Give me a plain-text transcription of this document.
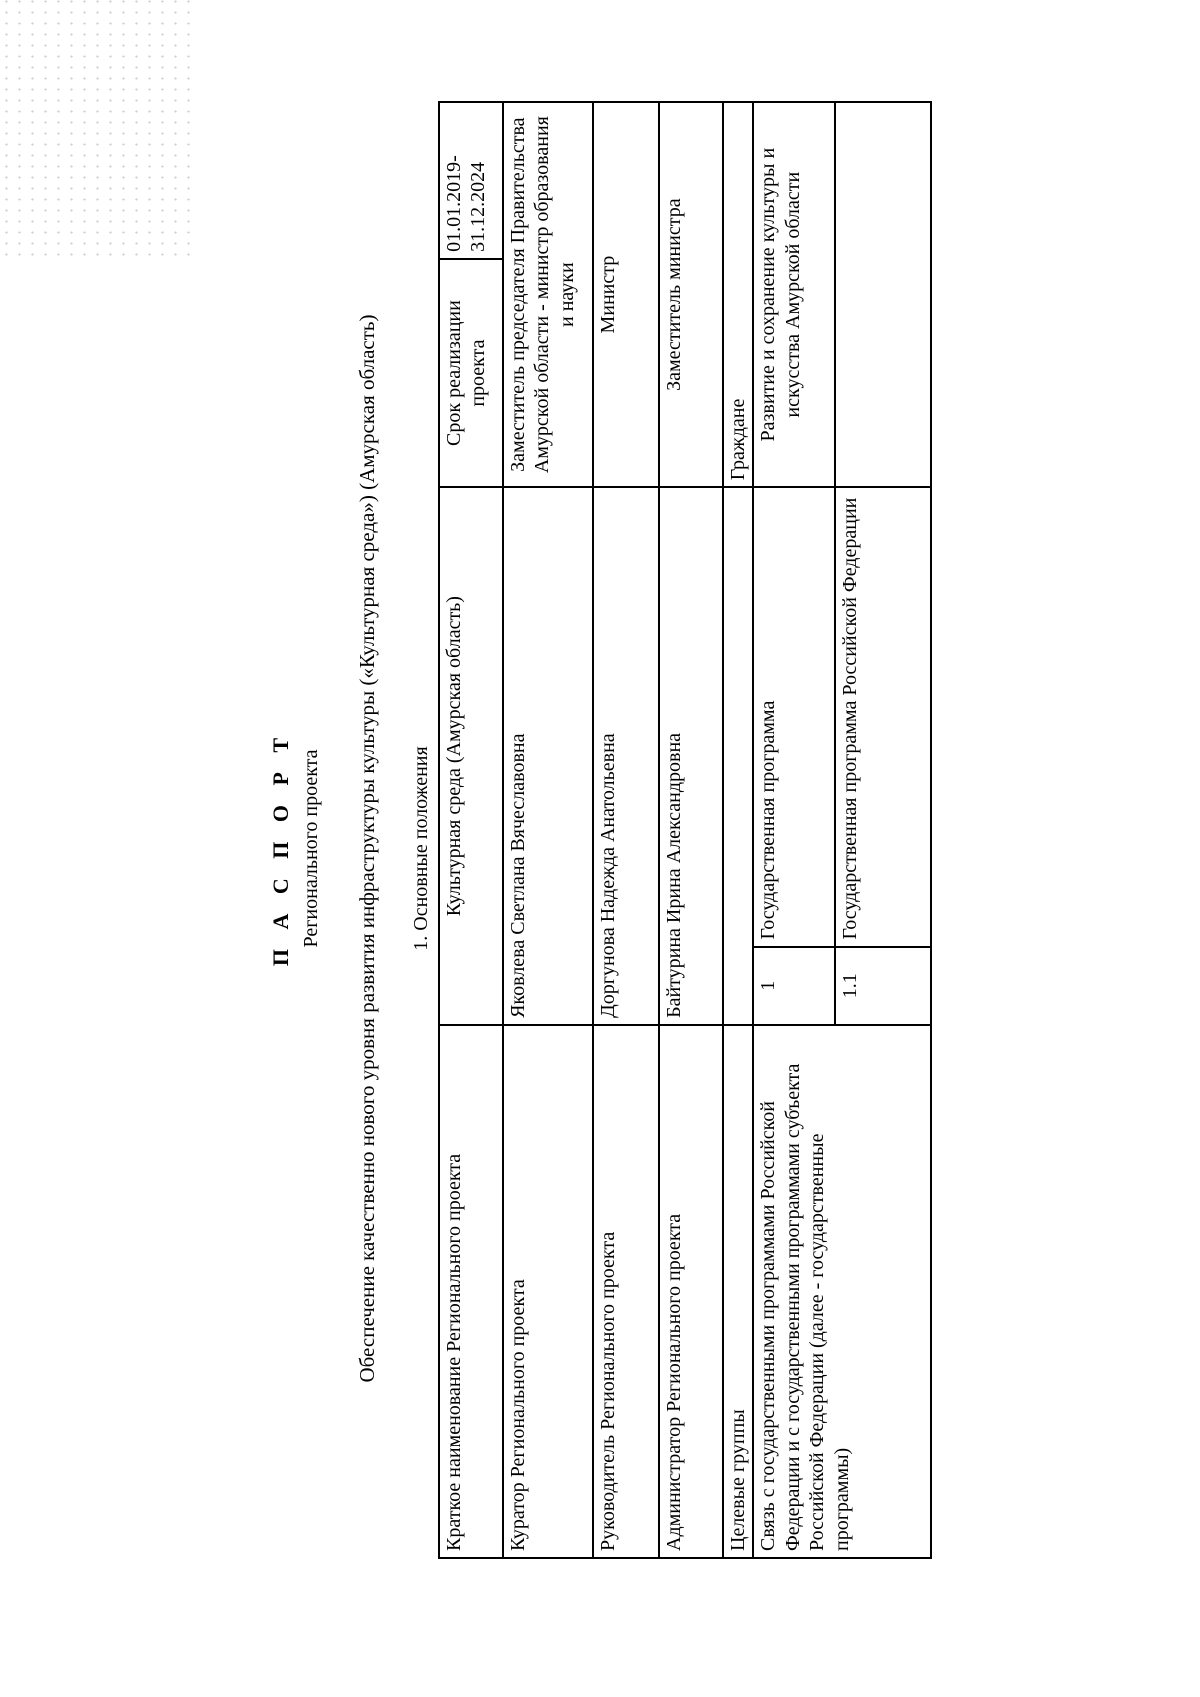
П А С П О Р Т Регионального проекта Обеспечение качественно нового уровня развития инфраструктуры культуры («Культурная среда») (Амурская область) 1. Основные положения
Краткое наименование Регионального проекта	Культурная среда (Амурская область)		Срок реализации проекта	01.01.2019- 31.12.2024
Куратор Регионального проекта	Яковлева Светлана Вячеславовна		Заместитель председателя Правительства Амурской области - министр образования и науки	
Руководитель Регионального проекта	Доргунова Надежда Анатольевна		Министр	
Администратор Регионального проекта	Байтурина Ирина Александровна		Заместитель министра	
Целевые группы			Граждане	
Связь с государственными программами Российской Федерации и с государственными программами субъекта Российской Федерации (далее - государственные программы)	1	Государственная программа	Развитие и сохранение культуры и искусства Амурской области	
	1.1	Государственная программа Российской Федерации		
